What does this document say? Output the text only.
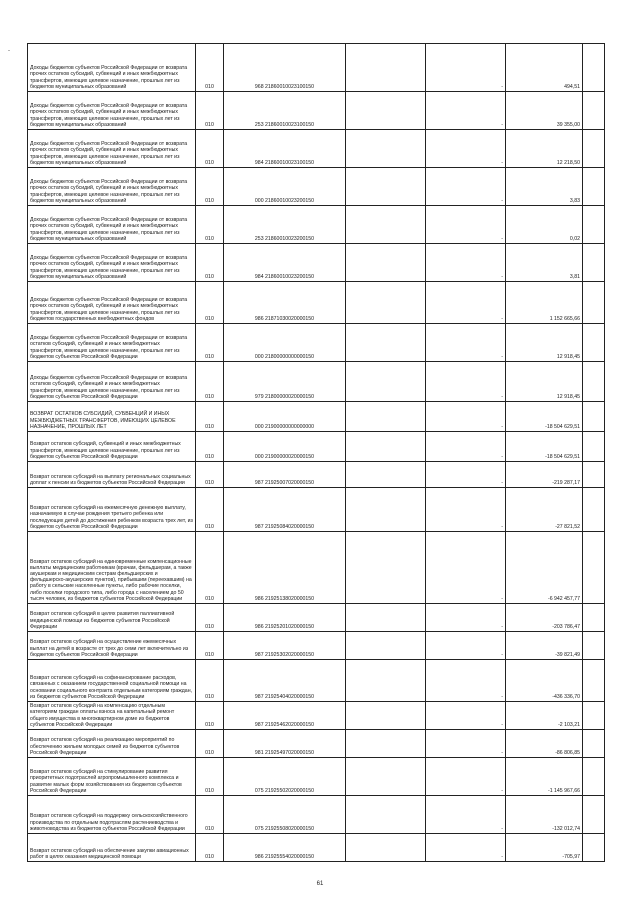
-
Доходы бюджетов субъектов Российской Федерации от возврата прочих остатков субсидий, субвенций и иных межбюджетных трансфертов, имеющих целевое назначение, прошлых лет из бюджетов муниципальных образований	010	968 21860010023100150		-	494,51	
Доходы бюджетов субъектов Российской Федерации от возврата прочих остатков субсидий, субвенций и иных межбюджетных трансфертов, имеющих целевое назначение, прошлых лет из бюджетов муниципальных образований	010	253 21860010023100150		-	39 355,00	
Доходы бюджетов субъектов Российской Федерации от возврата прочих остатков субсидий, субвенций и иных межбюджетных трансфертов, имеющих целевое назначение, прошлых лет из бюджетов муниципальных образований	010	984 21860010023100150		-	12 218,50	
Доходы бюджетов субъектов Российской Федерации от возврата прочих остатков субсидий, субвенций и иных межбюджетных трансфертов, имеющих целевое назначение, прошлых лет из бюджетов муниципальных образований	010	000 21860010023200150		-	3,83	
Доходы бюджетов субъектов Российской Федерации от возврата прочих остатков субсидий, субвенций и иных межбюджетных трансфертов, имеющих целевое назначение, прошлых лет из бюджетов муниципальных образований	010	253 21860010023200150		-	0,02	
Доходы бюджетов субъектов Российской Федерации от возврата прочих остатков субсидий, субвенций и иных межбюджетных трансфертов, имеющих целевое назначение, прошлых лет из бюджетов муниципальных образований	010	984 21860010023200150		-	3,81	
Доходы бюджетов субъектов Российской Федерации от возврата прочих остатков субсидий, субвенций и иных межбюджетных трансфертов, имеющих целевое назначение, прошлых лет из бюджетов государственных внебюджетных фондов	010	986 21871030020000150		-	1 152 665,66	
Доходы бюджетов субъектов Российской Федерации от возврата остатков субсидий, субвенций и иных межбюджетных трансфертов, имеющих целевое назначение, прошлых лет из бюджетов субъектов Российской Федерации	010	000 21800000000000150		-	12 918,45	
Доходы бюджетов субъектов Российской Федерации от возврата остатков субсидий, субвенций и иных межбюджетных трансфертов, имеющих целевое назначение, прошлых лет из бюджетов субъектов Российской Федерации	010	979 21800000020000150		-	12 918,45	
ВОЗВРАТ ОСТАТКОВ СУБСИДИЙ, СУБВЕНЦИЙ И ИНЫХ МЕЖБЮДЖЕТНЫХ ТРАНСФЕРТОВ, ИМЕЮЩИХ ЦЕЛЕВОЕ НАЗНАЧЕНИЕ, ПРОШЛЫХ ЛЕТ	010	000 21900000000000000		-	-18 504 629,51	
Возврат остатков субсидий, субвенций и иных межбюджетных трансфертов, имеющих целевое назначение, прошлых лет из бюджетов субъектов Российской Федерации	010	000 21900000020000150		-	-18 504 629,51	
Возврат остатков субсидий на выплату региональных социальных доплат к пенсии из бюджетов субъектов Российской Федерации	010	987 21925007020000150		-	-219 287,17	
Возврат остатков субсидий на ежемесячную денежную выплату, назначаемую в случае рождения третьего ребенка или последующих детей до достижения ребенком возраста трех лет, из бюджетов субъектов Российской Федерации	010	987 21925084020000150		-	-27 821,52	
Возврат остатков субсидий на единовременные компенсационные выплаты медицинским работникам (врачам, фельдшерам, а также акушеркам и медицинским сестрам фельдшерских и фельдшерско-акушерских пунктов), прибывшим (переехавшим) на работу в сельские населенные пункты, либо рабочие поселки, либо поселки городского типа, либо города с населением до 50 тысяч человек, из бюджетов субъектов Российской Федерации	010	986 21925138020000150		-	-6 942 457,77	
Возврат остатков субсидий в целях развития паллиативной медицинской помощи из бюджетов субъектов Российской Федерации	010	986 21925201020000150		-	-203 786,47	
Возврат остатков субсидий на осуществление ежемесячных выплат на детей в возрасте от трех до семи лет включительно из бюджетов субъектов Российской Федерации	010	987 21925302020000150		-	-39 821,49	
Возврат остатков субсидий на софинансирование расходов, связанных с оказанием государственной социальной помощи на основании социального контракта отдельным категориям граждан, из бюджетов субъектов Российской Федерации	010	987 21925404020000150		-	-436 336,70	
Возврат остатков субсидий на компенсацию отдельным категориям граждан оплаты взноса на капитальный ремонт общего имущества в многоквартирном доме из бюджетов субъектов Российской Федерации	010	987 21925462020000150		-	-2 103,21	
Возврат остатков субсидий на реализацию мероприятий по обеспечению жильем молодых семей из бюджетов субъектов Российской Федерации	010	981 21925497020000150		-	-86 806,85	
Возврат остатков субсидий на стимулирование развития приоритетных подотраслей агропромышленного комплекса и развитие малых форм хозяйствования из бюджетов субъектов Российской Федерации	010	075 21925502020000150		-	-1 145 967,66	
Возврат остатков субсидий на поддержку сельскохозяйственного производства по отдельным подотраслям растениеводства и животноводства из бюджетов субъектов Российской Федерации	010	075 21925508020000150		-	-132 012,74	
Возврат остатков субсидий на обеспечение закупки авиационных работ в целях оказания медицинской помощи	010	986 21925554020000150		-	-705,97	
61
